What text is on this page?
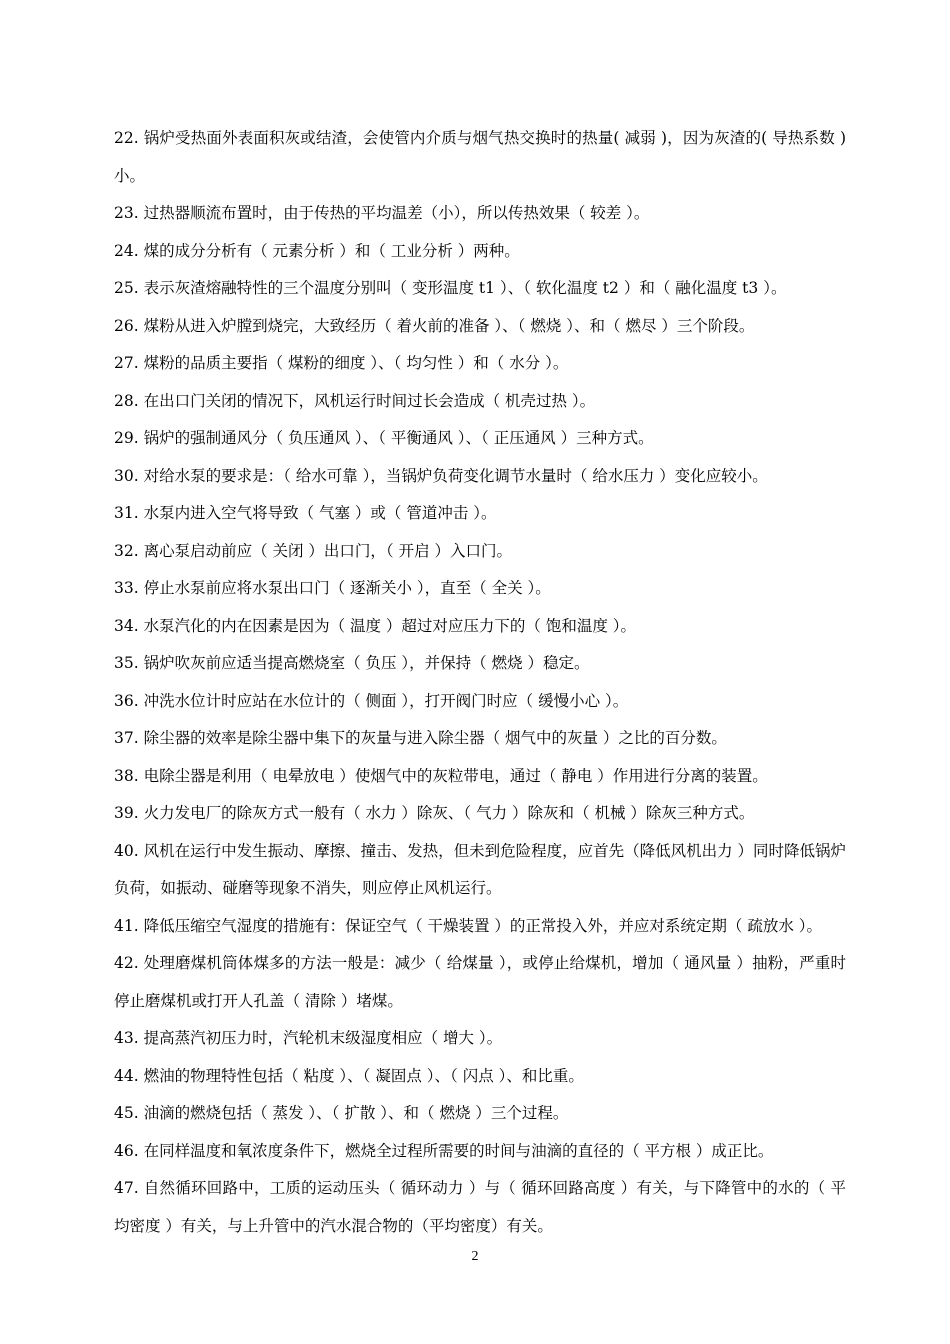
22. 锅炉受热面外表面积灰或结渣，会使管内介质与烟气热交换时的热量( 减弱 )，因为灰渣的( 导热系数 ) 小。

23. 过热器顺流布置时，由于传热的平均温差（小），所以传热效果（ 较差 ）。

24. 煤的成分分析有（ 元素分析 ）和（ 工业分析 ）两种。

25. 表示灰渣熔融特性的三个温度分别叫（ 变形温度 t1 ）、（ 软化温度 t2 ）和（ 融化温度 t3 ）。

26. 煤粉从进入炉膛到烧完，大致经历（ 着火前的准备 ）、（ 燃烧 ）、和（ 燃尽 ）三个阶段。

27. 煤粉的品质主要指（ 煤粉的细度 ）、（ 均匀性 ）和（ 水分 ）。

28. 在出口门关闭的情况下，风机运行时间过长会造成（ 机壳过热 ）。

29. 锅炉的强制通风分（ 负压通风 ）、（ 平衡通风 ）、（ 正压通风 ）三种方式。

30. 对给水泵的要求是：（ 给水可靠 ），当锅炉负荷变化调节水量时（ 给水压力 ）变化应较小。

31. 水泵内进入空气将导致（ 气塞 ）或（ 管道冲击 ）。

32. 离心泵启动前应（ 关闭 ）出口门，（ 开启 ）入口门。

33. 停止水泵前应将水泵出口门（ 逐渐关小 ），直至（ 全关 ）。

34. 水泵汽化的内在因素是因为（ 温度 ）超过对应压力下的（ 饱和温度 ）。

35. 锅炉吹灰前应适当提高燃烧室（ 负压 ），并保持（ 燃烧 ）稳定。

36. 冲洗水位计时应站在水位计的（ 侧面 ），打开阀门时应（ 缓慢小心 ）。

37. 除尘器的效率是除尘器中集下的灰量与进入除尘器（ 烟气中的灰量 ）之比的百分数。

38. 电除尘器是利用（ 电晕放电 ）使烟气中的灰粒带电，通过（ 静电 ）作用进行分离的装置。

39. 火力发电厂的除灰方式一般有（ 水力 ）除灰、（ 气力 ）除灰和（ 机械 ）除灰三种方式。

40. 风机在运行中发生振动、摩擦、撞击、发热，但未到危险程度，应首先（降低风机出力 ）同时降低锅炉负荷，如振动、碰磨等现象不消失，则应停止风机运行。

41. 降低压缩空气湿度的措施有：保证空气（ 干燥装置 ）的正常投入外，并应对系统定期（ 疏放水 ）。

42. 处理磨煤机筒体煤多的方法一般是：减少（ 给煤量 ），或停止给煤机，增加（ 通风量 ）抽粉，严重时停止磨煤机或打开人孔盖（ 清除 ）堵煤。

43. 提高蒸汽初压力时，汽轮机末级湿度相应（ 增大 ）。

44. 燃油的物理特性包括（ 粘度 ）、（ 凝固点 ）、（ 闪点 ）、和比重。

45. 油滴的燃烧包括（ 蒸发 ）、（ 扩散 ）、和（ 燃烧 ）三个过程。

46. 在同样温度和氧浓度条件下，燃烧全过程所需要的时间与油滴的直径的（ 平方根 ）成正比。

47. 自然循环回路中，工质的运动压头（ 循环动力 ）与（ 循环回路高度 ）有关，与下降管中的水的（ 平均密度 ）有关，与上升管中的汽水混合物的（平均密度）有关。

2
